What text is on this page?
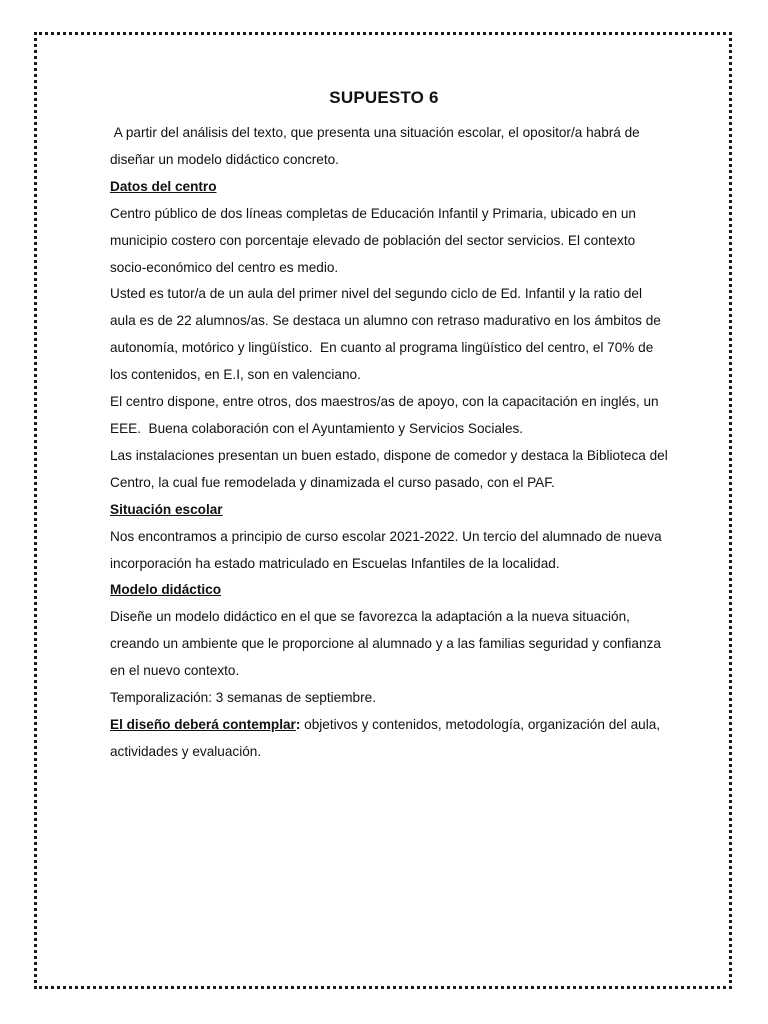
SUPUESTO 6

A partir del análisis del texto, que presenta una situación escolar, el opositor/a habrá de diseñar un modelo didáctico concreto.

Datos del centro

Centro público de dos líneas completas de Educación Infantil y Primaria, ubicado en un municipio costero con porcentaje elevado de población del sector servicios. El contexto socio-económico del centro es medio.

Usted es tutor/a de un aula del primer nivel del segundo ciclo de Ed. Infantil y la ratio del aula es de 22 alumnos/as. Se destaca un alumno con retraso madurativo en los ámbitos de autonomía, motórico y lingüístico.  En cuanto al programa lingüístico del centro, el 70% de los contenidos, en E.I, son en valenciano.

El centro dispone, entre otros, dos maestros/as de apoyo, con la capacitación en inglés, un EEE.  Buena colaboración con el Ayuntamiento y Servicios Sociales.

Las instalaciones presentan un buen estado, dispone de comedor y destaca la Biblioteca del Centro, la cual fue remodelada y dinamizada el curso pasado, con el PAF.

Situación escolar

Nos encontramos a principio de curso escolar 2021-2022. Un tercio del alumnado de nueva incorporación ha estado matriculado en Escuelas Infantiles de la localidad.

Modelo didáctico

Diseñe un modelo didáctico en el que se favorezca la adaptación a la nueva situación, creando un ambiente que le proporcione al alumnado y a las familias seguridad y confianza en el nuevo contexto.

Temporalización: 3 semanas de septiembre.

El diseño deberá contemplar: objetivos y contenidos, metodología, organización del aula, actividades y evaluación.
